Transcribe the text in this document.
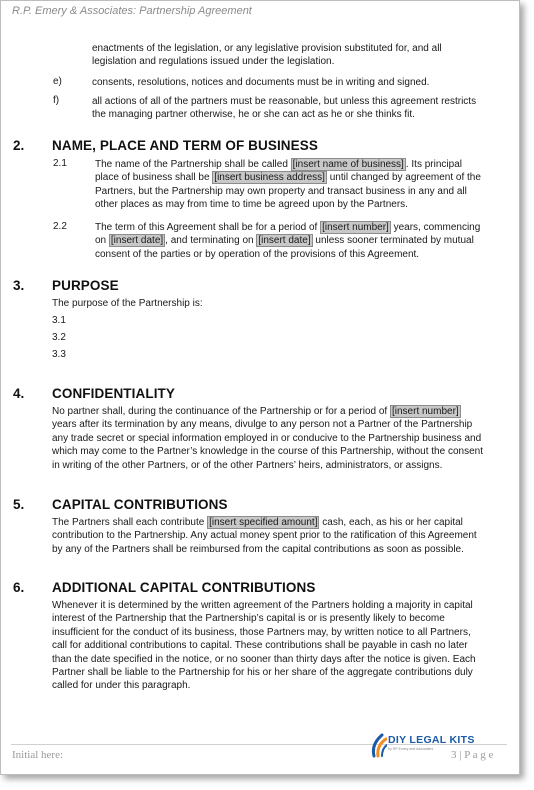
R.P. Emery & Associates: Partnership Agreement
enactments of the legislation, or any legislative provision substituted for, and all
legislation and regulations issued under the legislation.
e)	consents, resolutions, notices and documents must be in writing and signed.
f)	all actions of all of the partners must be reasonable, but unless this agreement restricts
the managing partner otherwise, he or she can act as he or she thinks fit.
2. NAME, PLACE AND TERM OF BUSINESS
2.1	The name of the Partnership shall be called [insert name of business] . Its principal
place of business shall be [insert business address] until changed by agreement of the
Partners, but the Partnership may own property and transact business in any and all
other places as may from time to time be agreed upon by the Partners.
2.2	The term of this Agreement shall be for a period of [insert number] years, commencing
on [insert date] , and terminating on [insert date] unless sooner terminated by mutual
consent of the parties or by operation of the provisions of this Agreement.
3. PURPOSE
The purpose of the Partnership is:
3.1
3.2
3.3
4. CONFIDENTIALITY
No partner shall, during the continuance of the Partnership or for a period of [insert number]
years after its termination by any means, divulge to any person not a Partner of the Partnership
any trade secret or special information employed in or conducive to the Partnership business and
which may come to the Partner’s knowledge in the course of this Partnership, without the consent
in writing of the other Partners, or of the other Partners’ heirs, administrators, or assigns.
5. CAPITAL CONTRIBUTIONS
The Partners shall each contribute [insert specified amount] cash, each, as his or her capital
contribution to the Partnership. Any actual money spent prior to the ratification of this Agreement
by any of the Partners shall be reimbursed from the capital contributions as soon as possible.
6. ADDITIONAL CAPITAL CONTRIBUTIONS
Whenever it is determined by the written agreement of the Partners holding a majority in capital
interest of the Partnership that the Partnership’s capital is or is presently likely to become
insufficient for the conduct of its business, those Partners may, by written notice to all Partners,
call for additional contributions to capital. These contributions shall be payable in cash no later
than the date specified in the notice, or no sooner than thirty days after the notice is given. Each
Partner shall be liable to the Partnership for his or her share of the aggregate contributions duly
called for under this paragraph.
Initial here:
DIY LEGAL KITS
by RP Emery and Associates 3 | P a g e
